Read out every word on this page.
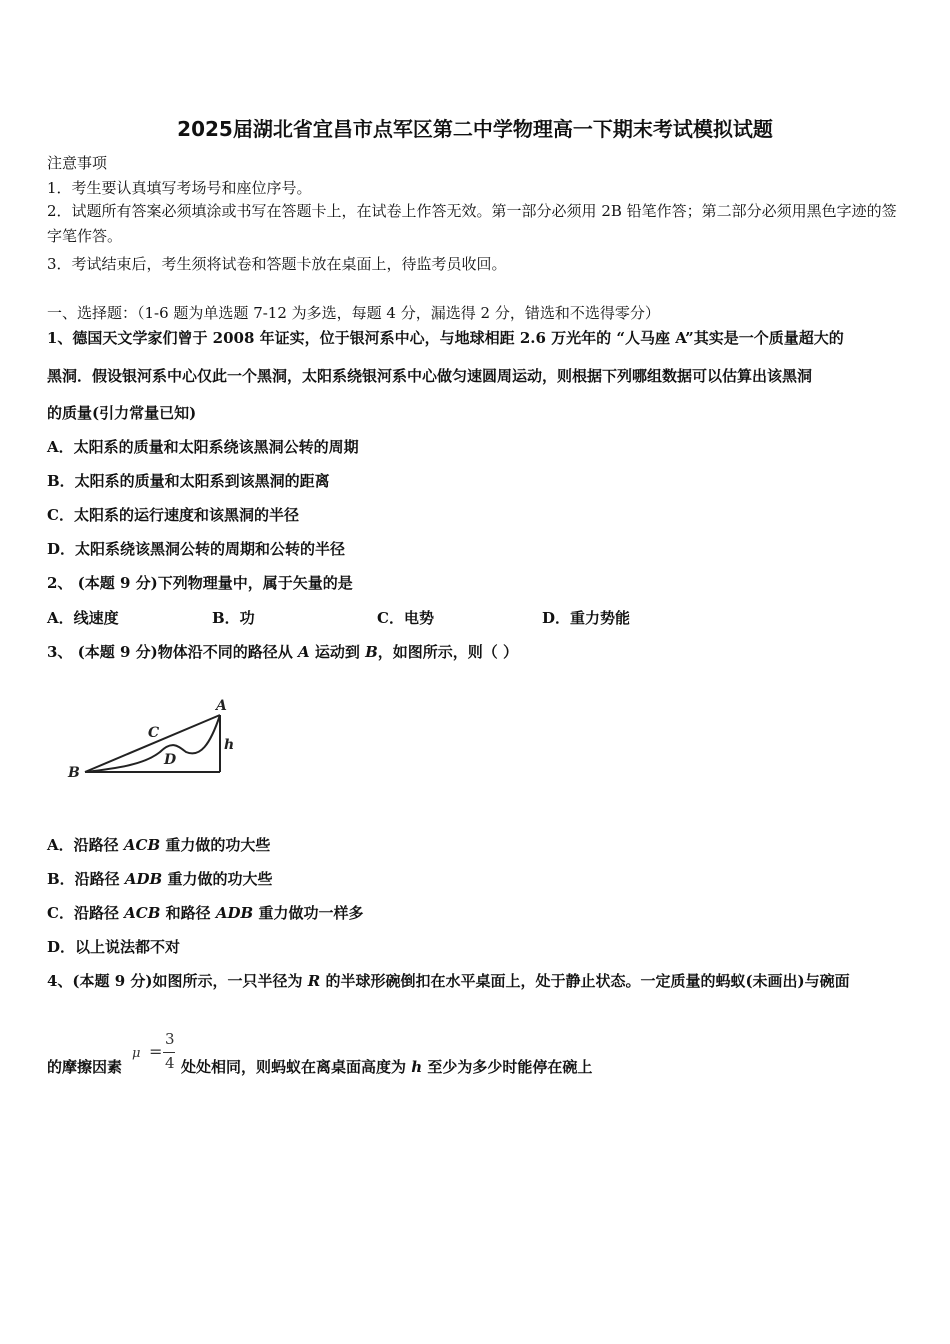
2025届湖北省宜昌市点军区第二中学物理高一下期末考试模拟试题
注意事项
1．考生要认真填写考场号和座位序号。
2．试题所有答案必须填涂或书写在答题卡上，在试卷上作答无效。第一部分必须用 2B 铅笔作答；第二部分必须用黑色字迹的签字笔作答。
3．考试结束后，考生须将试卷和答题卡放在桌面上，待监考员收回。
一、选择题：（1-6 题为单选题 7-12 为多选，每题 4 分，漏选得 2 分，错选和不选得零分）
1、德国天文学家们曾于 2008 年证实，位于银河系中心，与地球相距 2.6 万光年的 “人马座 A”其实是一个质量超大的
黑洞．假设银河系中心仅此一个黑洞，太阳系绕银河系中心做匀速圆周运动，则根据下列哪组数据可以估算出该黑洞
的质量(引力常量已知)
A．太阳系的质量和太阳系绕该黑洞公转的周期
B．太阳系的质量和太阳系到该黑洞的距离
C．太阳系的运行速度和该黑洞的半径
D．太阳系绕该黑洞公转的周期和公转的半径
2、 (本题 9 分)下列物理量中，属于矢量的是
A．线速度	B．功	C．电势	D．重力势能
3、 (本题 9 分)物体沿不同的路径从 A 运动到 B，如图所示，则（ ）
A
B
C
D
h
A．沿路径 ACB 重力做的功大些
B．沿路径 ADB 重力做的功大些
C．沿路径 ACB 和路径 ADB 重力做功一样多
D．以上说法都不对
4、(本题 9 分)如图所示，一只半径为 R 的半球形碗倒扣在水平桌面上，处于静止状态。一定质量的蚂蚁(未画出)与碗面
的摩擦因素
μ =
3
4 处处相同，则蚂蚁在离桌面高度为 h 至少为多少时能停在碗上
